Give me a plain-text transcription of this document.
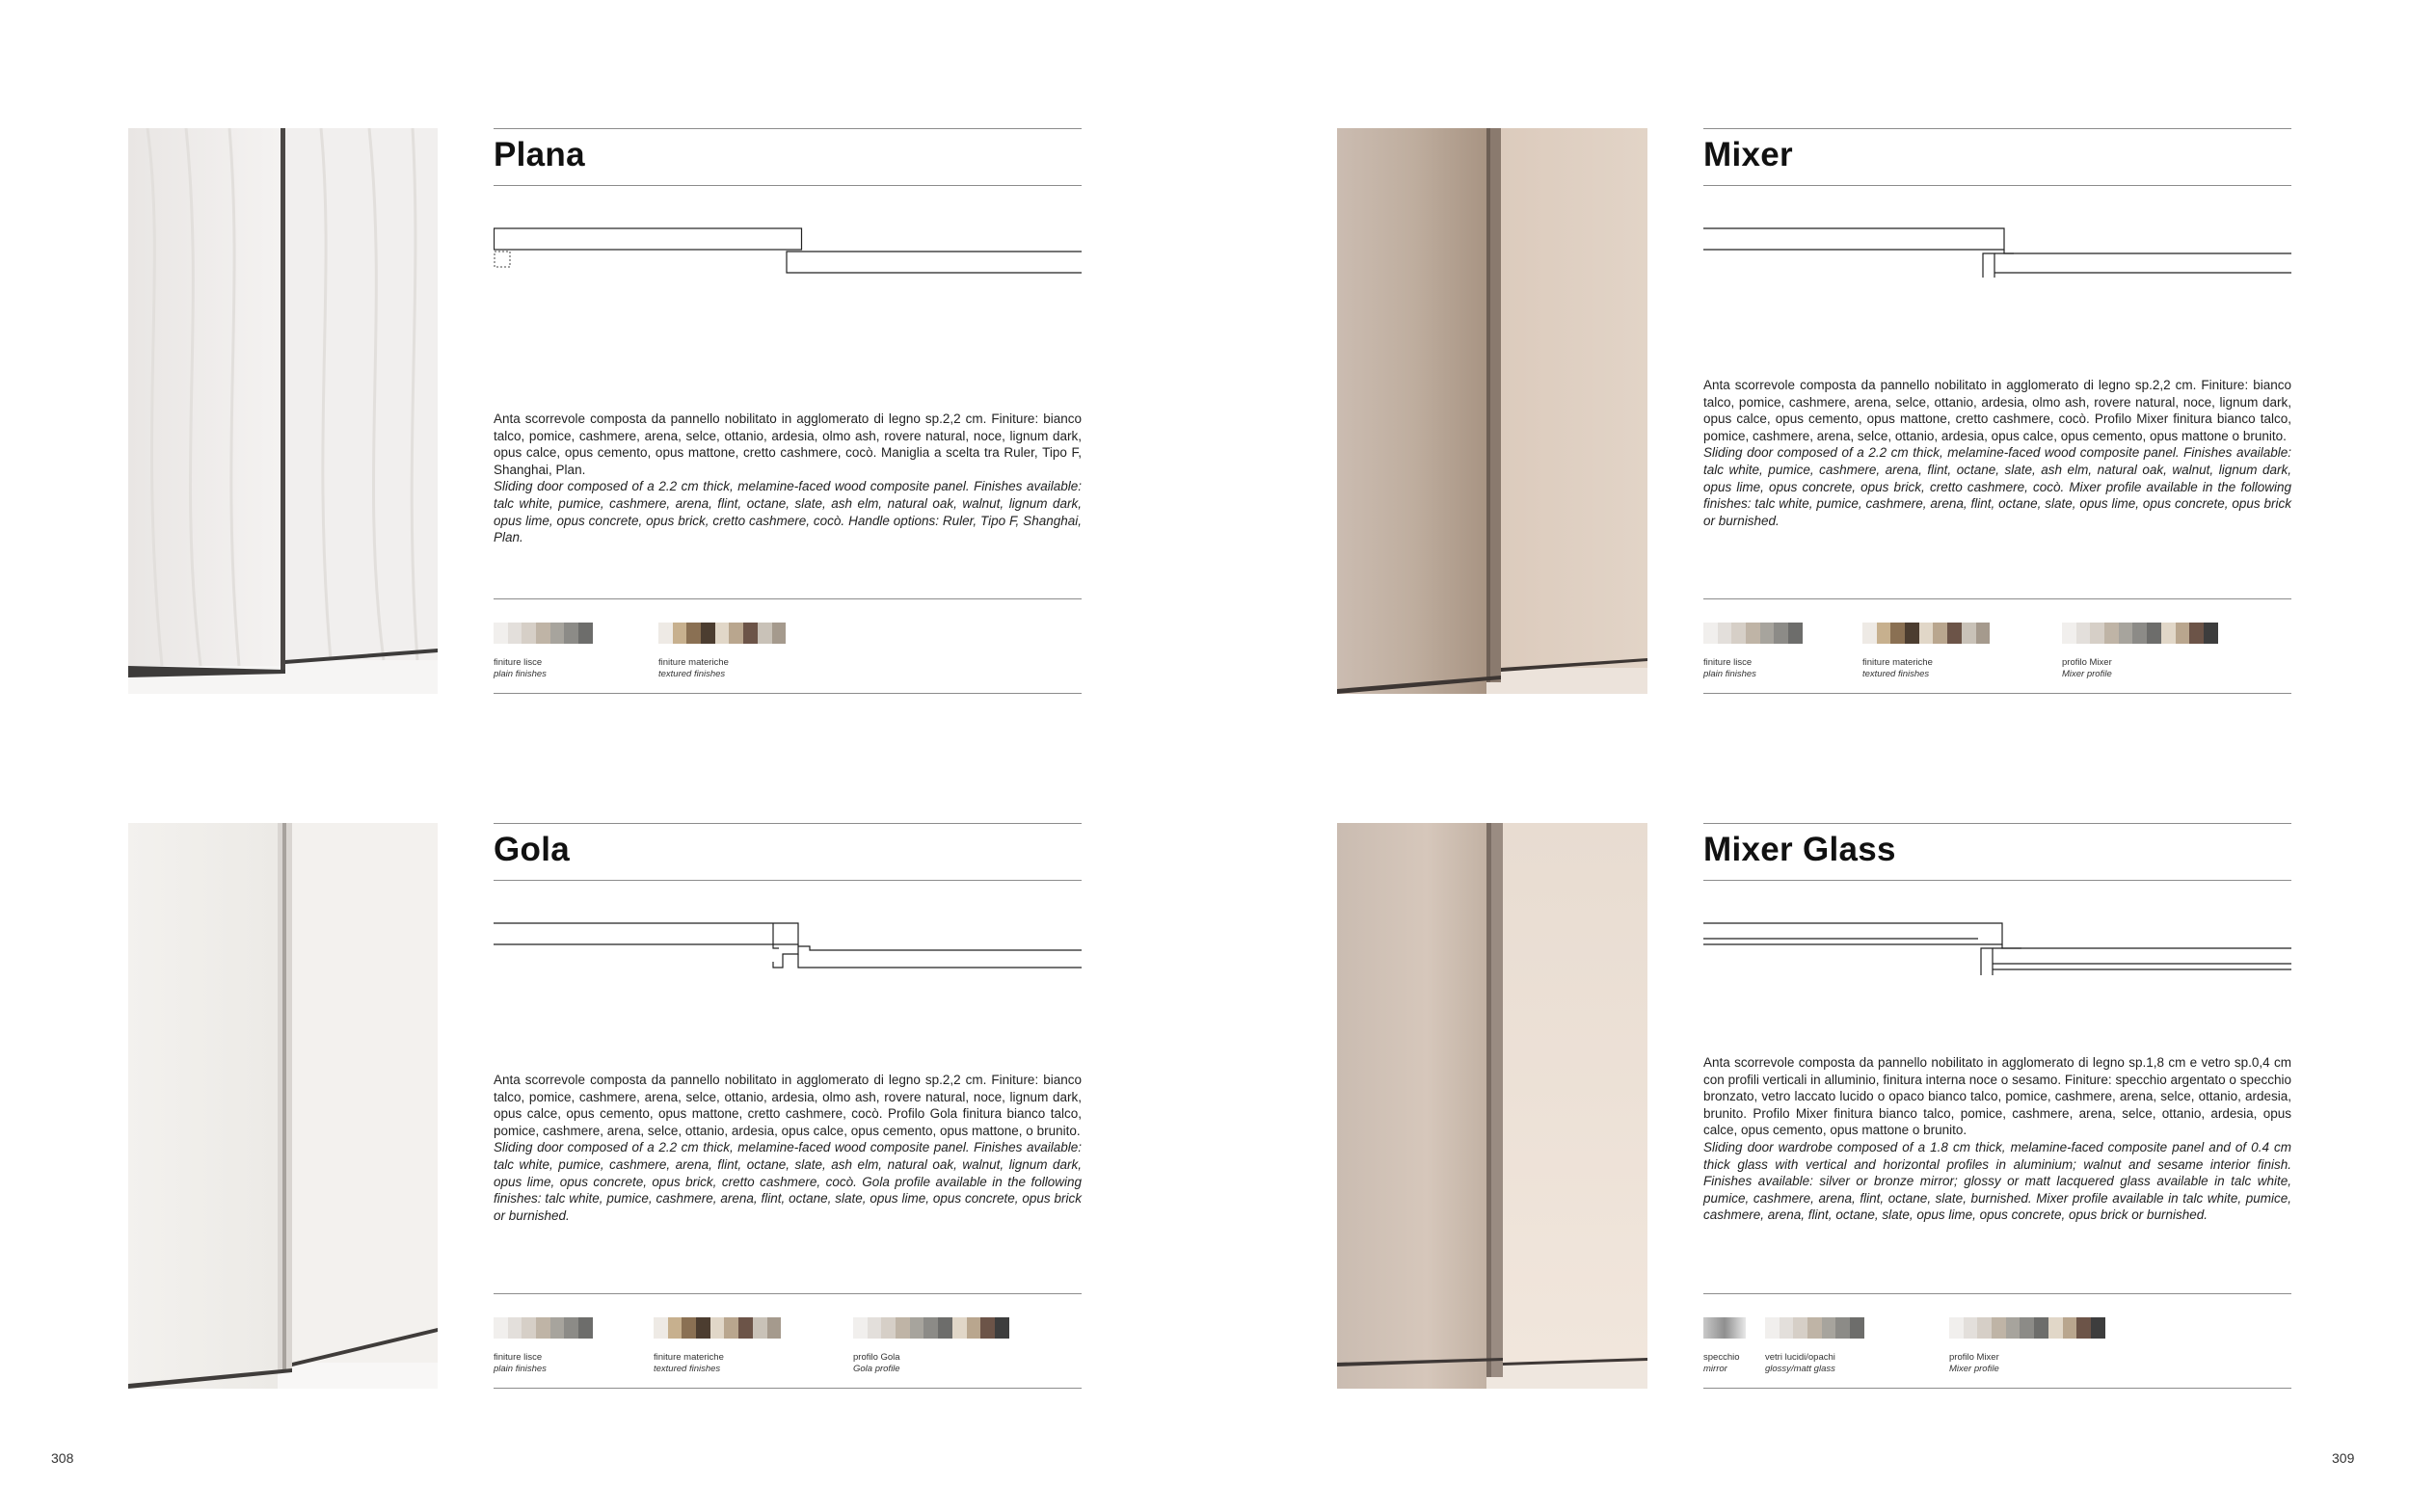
Plana

Anta scorrevole composta da pannello nobilitato in agglomerato di legno sp.2,2 cm. Finiture: bianco talco, pomice, cashmere, arena, selce, ottanio, ardesia, olmo ash, rovere natural, noce, lignum dark, opus calce, opus cemento, opus mattone, cretto cashmere, cocò. Maniglia a scelta tra Ruler, Tipo F, Shanghai, Plan.

Sliding door composed of a 2.2 cm thick, melamine-faced wood composite panel. Finishes available: talc white, pumice, cashmere, arena, flint, octane, slate, ash elm, natural oak, walnut, lignum dark, opus lime, opus concrete, opus brick, cretto cashmere, cocò. Handle options: Ruler, Tipo F, Shanghai, Plan.

finiture lisce
plain finishes
finiture materiche
textured finishes
Mixer

Anta scorrevole composta da pannello nobilitato in agglomerato di legno sp.2,2 cm. Finiture: bianco talco, pomice, cashmere, arena, selce, ottanio, ardesia, olmo ash, rovere natural, noce, lignum dark, opus calce, opus cemento, opus mattone, cretto cashmere, cocò. Profilo Mixer finitura bianco talco, pomice, cashmere, arena, selce, ottanio, ardesia, opus calce, opus cemento, opus mattone o brunito.

Sliding door composed of a 2.2 cm thick, melamine-faced wood composite panel. Finishes available: talc white, pumice, cashmere, arena, flint, octane, slate, ash elm, natural oak, walnut, lignum dark, opus lime, opus concrete, opus brick, cretto cashmere, cocò. Mixer profile available in the following finishes: talc white, pumice, cashmere, arena, flint, octane, slate, opus lime, opus concrete, opus brick or burnished.

finiture lisce
plain finishes
finiture materiche
textured finishes
profilo Mixer
Mixer profile
Gola

Anta scorrevole composta da pannello nobilitato in agglomerato di legno sp.2,2 cm. Finiture: bianco talco, pomice, cashmere, arena, selce, ottanio, ardesia, olmo ash, rovere natural, noce, lignum dark, opus calce, opus cemento, opus mattone, cretto cashmere, cocò. Profilo Gola finitura bianco talco, pomice, cashmere, arena, selce, ottanio, ardesia, opus calce, opus cemento, opus mattone, o brunito.

Sliding door composed of a 2.2 cm thick, melamine-faced wood composite panel. Finishes available: talc white, pumice, cashmere, arena, flint, octane, slate, ash elm, natural oak, walnut, lignum dark, opus lime, opus concrete, opus brick, cretto cashmere, cocò. Gola profile available in the following finishes: talc white, pumice, cashmere, arena, flint, octane, slate, opus lime, opus concrete, opus brick or burnished.

finiture lisce
plain finishes
finiture materiche
textured finishes
profilo Gola
Gola profile
Mixer Glass

Anta scorrevole composta da pannello nobilitato in agglomerato di legno sp.1,8 cm e vetro sp.0,4 cm con profili verticali in alluminio, finitura interna noce o sesamo. Finiture: specchio argentato o specchio bronzato, vetro laccato lucido o opaco bianco talco, pomice, cashmere, arena, selce, ottanio, ardesia, brunito. Profilo Mixer finitura bianco talco, pomice, cashmere, arena, selce, ottanio, ardesia, opus calce, opus cemento, opus mattone o brunito.

Sliding door wardrobe composed of a 1.8 cm thick, melamine-faced composite panel and of 0.4 cm thick glass with vertical and horizontal profiles in aluminium; walnut and sesame interior finish. Finishes available: silver or bronze mirror; glossy or matt lacquered glass available in talc white, pumice, cashmere, arena, flint, octane, slate, burnished. Mixer profile available in talc white, pumice, cashmere, arena, flint, octane, slate, opus lime, opus concrete, opus brick or burnished.

specchio
mirror
vetri lucidi/opachi
glossy/matt glass
profilo Mixer
Mixer profile
308	309
